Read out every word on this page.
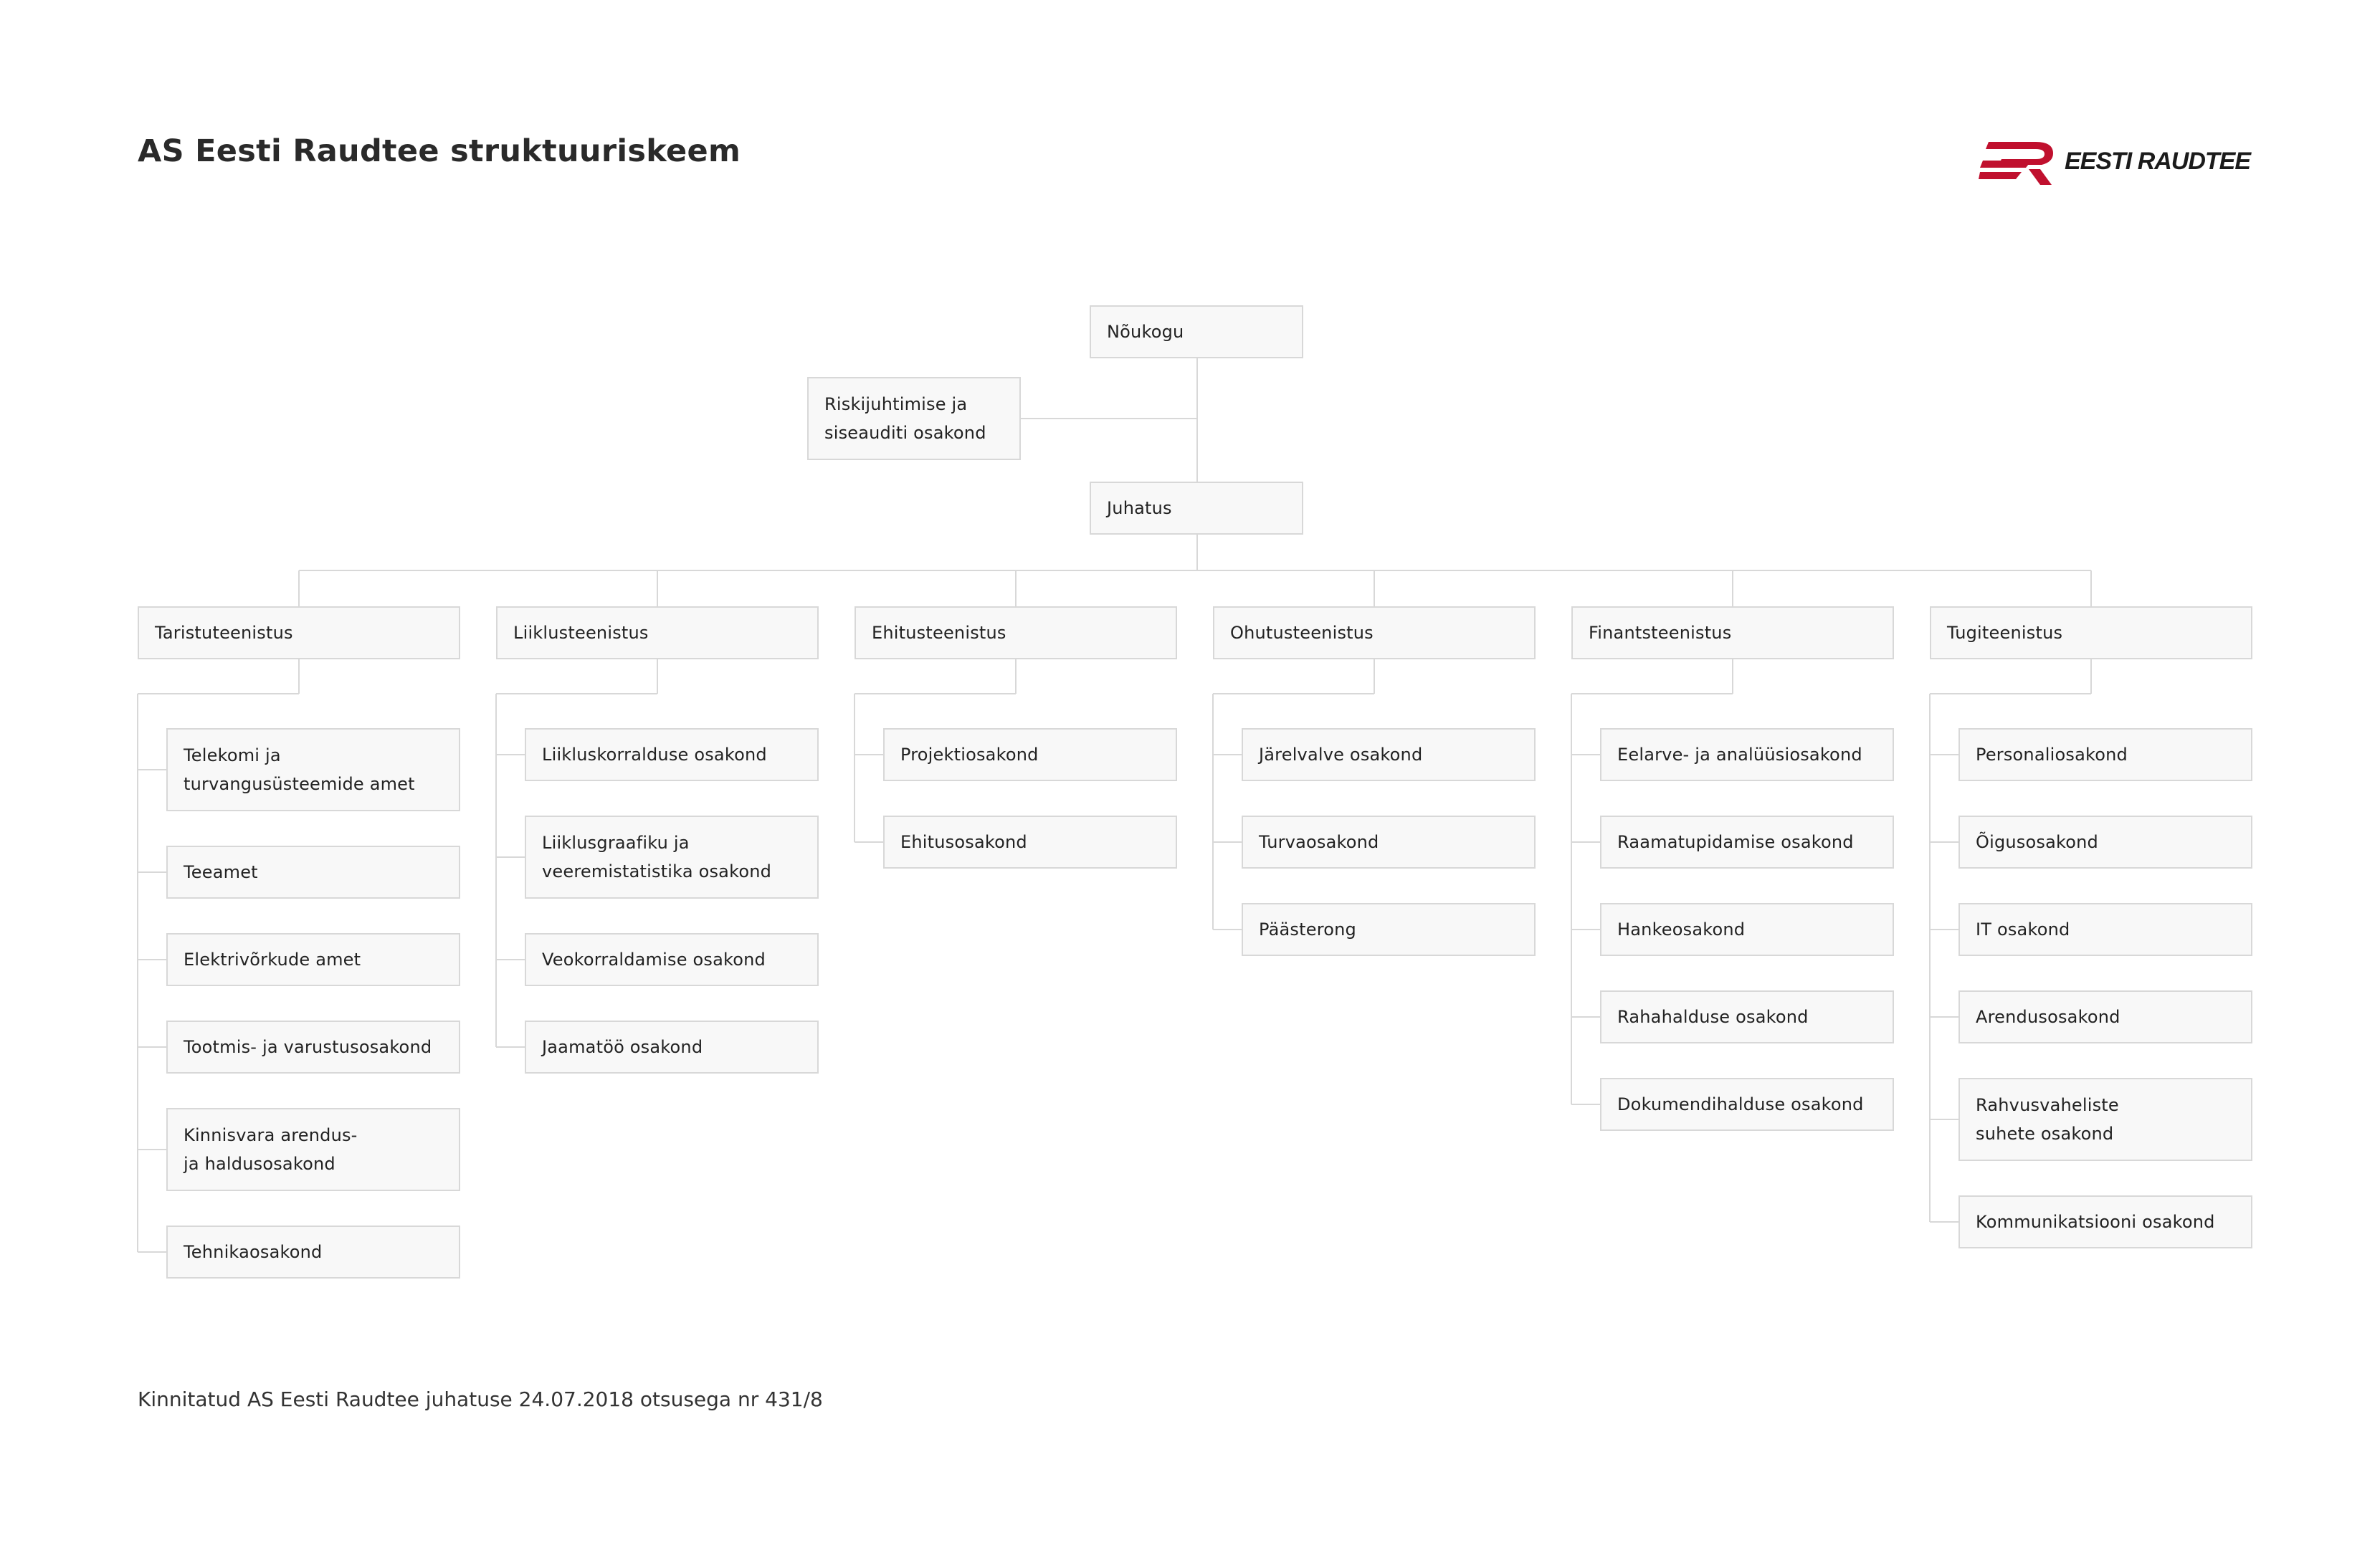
AS Eesti Raudtee struktuuriskeem	EESTI RAUDTEE
Nõukogu
Riskijuhtimise ja
siseauditi osakond
Juhatus
Taristuteenistus
Telekomi ja
turvangusüsteemide amet
Teeamet
Elektrivõrkude amet
Tootmis- ja varustusosakond
Kinnisvara arendus-
ja haldusosakond
Tehnikaosakond
Liiklusteenistus
Liikluskorralduse osakond
Liiklusgraafiku ja
veeremistatistika osakond
Veokorraldamise osakond
Jaamatöö osakond
Ehitusteenistus
Projektiosakond
Ehitusosakond
Ohutusteenistus
Järelvalve osakond
Turvaosakond
Päästerong
Finantsteenistus
Eelarve- ja analüüsiosakond
Raamatupidamise osakond
Hankeosakond
Rahahalduse osakond
Dokumendihalduse osakond
Tugiteenistus
Personaliosakond
Õigusosakond
IT osakond
Arendusosakond
Rahvusvaheliste
suhete osakond
Kommunikatsiooni osakond
Kinnitatud AS Eesti Raudtee juhatuse 24.07.2018 otsusega nr 431/8
